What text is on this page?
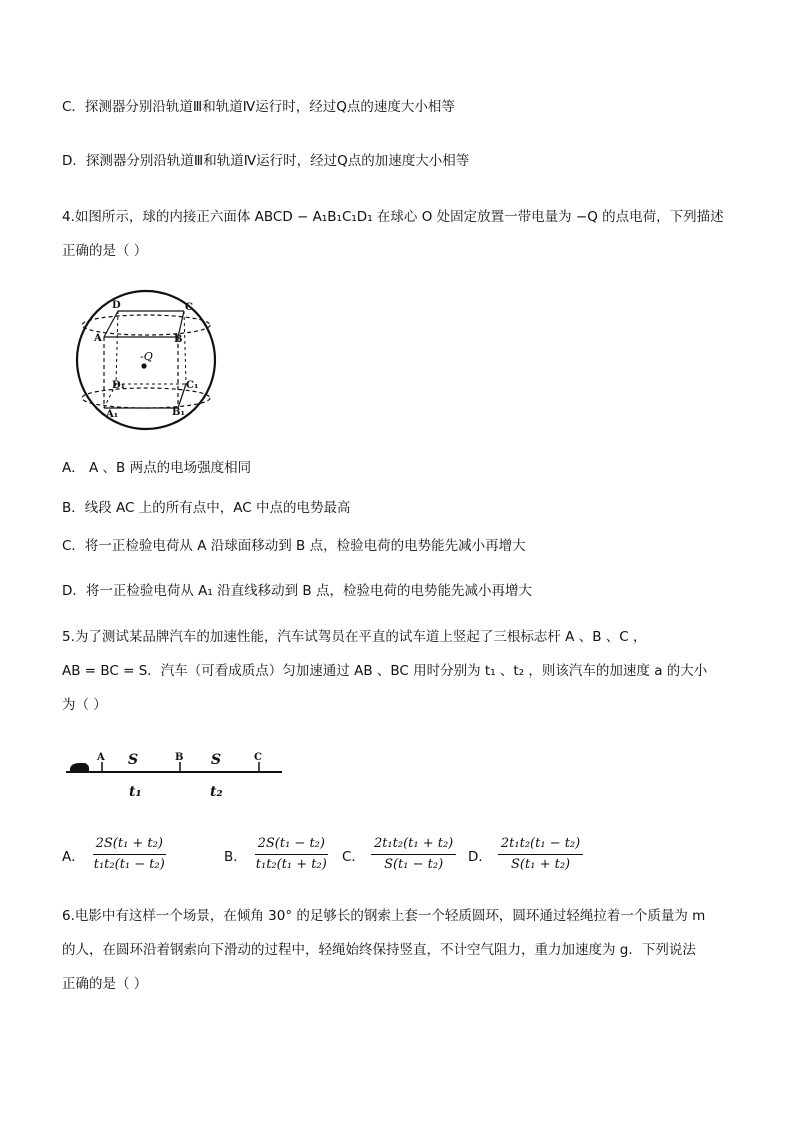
C．探测器分别沿轨道Ⅲ和轨道Ⅳ运行时，经过Q点的速度大小相等
D．探测器分别沿轨道Ⅲ和轨道Ⅳ运行时，经过Q点的加速度大小相等
4.如图所示，球的内接正六面体 ABCD − A₁B₁C₁D₁ 在球心 O 处固定放置一带电量为 −Q 的点电荷，下列描述
正确的是（ ）
-Q
D	C
A	B
D₁	C₁
A₁	B₁
A． A 、B 两点的电场强度相同
B．线段 AC 上的所有点中，AC 中点的电势最高
C．将一正检验电荷从 A 沿球面移动到 B 点，检验电荷的电势能先减小再增大
D．将一正检验电荷从 A₁ 沿直线移动到 B 点，检验电荷的电势能先减小再增大
5.为了测试某品牌汽车的加速性能，汽车试驾员在平直的试车道上竖起了三根标志杆 A 、B 、C ，
AB = BC = S．汽车（可看成质点）匀加速通过 AB 、BC 用时分别为 t₁ 、t₂ ，则该汽车的加速度 a 的大小
为（ ）
A	B	C
S	S
t₁	t₂
A． $\frac{\text{2S(t₁ + t₂)}}{\text{t₁t₂(t₁ − t₂)}}$	B． $\frac{\text{2S(t₁ − t₂)}}{\text{t₁t₂(t₁ + t₂)}}$ C． $\frac{\text{2t₁t₂(t₁ + t₂)}}{\text{S(t₁ − t₂)}}$ D． $\frac{\text{2t₁t₂(t₁ − t₂)}}{\text{S(t₁ + t₂)}}$
6.电影中有这样一个场景，在倾角 30° 的足够长的钢索上套一个轻质圆环，圆环通过轻绳拉着一个质量为 m
的人，在圆环沿着钢索向下滑动的过程中，轻绳始终保持竖直，不计空气阻力，重力加速度为 g．下列说法
正确的是（ ）
